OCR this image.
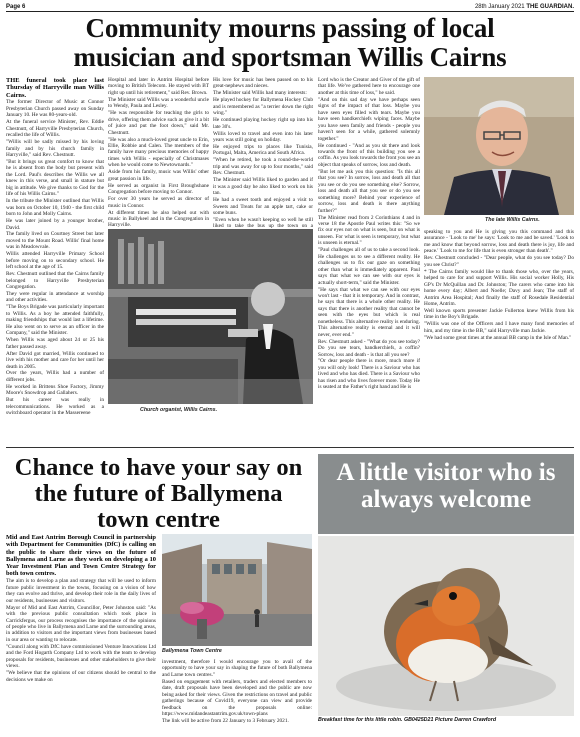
Page 6	28th January 2021 THE GUARDIAN.
Community mourns passing of local
musician and sportsman Willis Cairns

THE funeral took place last Thursday of Harryville man Willis Cairns.

The former Director of Music at Connor Presbyterian Church passed away on Sunday January 10. He was 80-years-old.

At the funeral service Minister, Rev. Eddie Chestnutt, of Harryville Presbyterian Church, recalled the life of Willis.

"Willis will be sadly missed by his loving family and by his church family in Harryville," said Rev. Chestnutt.

"But it brings us great comfort to know that he is absent from the body but present with the Lord. Paul's describes the Willis we all knew in this verse, and small in stature but big in attitude. We give thanks to God for the life of his Willis Cairns."

In the tribute the Minister outlined that Willis was born on October 10, 1940 - the first child born to John and Molly Cairns.

He was later joined by a younger brother, David.

The family lived on Courtney Street but later moved to the Mount Road. Willis' final home was in Meadowvale.

Willis attended Harryville Primary School before moving on to secondary school. He left school at the age of 15.

Rev. Chestnutt outlined that the Cairns family belonged to Harryville Presbyterian Congregation.

They were regular in attendance at worship and other activities.

"The Boys Brigade was particularly important to Willis. As a boy he attended faithfully, making friendships that would last a lifetime. He also went on to serve as an officer in the Company," said the Minister.

When Willis was aged about 24 or 25 his father passed away.

After David got married, Willis continued to live with his mother and care for her until her death in 2005.

Over the years, Willis had a number of different jobs.

He worked in Brittens Shoe Factory, Jimmy Moore's Snowdrop and Gallahers.

But his career was really in telecommunications. He worked as a switchboard operator in the Massereene

Hospital and later in Antrim Hospital before moving to British Telecom. He stayed with BT right up until his retirement," said Rev. Brown.

The Minister said Willis was a wonderful uncle to Wendy, Paula and Lesley.

"He was responsible for teaching the girls to drive, offering them advice such as give it a bit of juice and put the foot down," said Mr. Chestnutt.

"He was also a much-loved great uncle to Erin, Ellie, Robbie and Calen. The members of the family have many precious memories of happy times with Willis - especially of Christmases when he would come to Newtownards."

Aside from his family, music was Willis' other great passion in life.

He served as organist in First Broughshane Congregation before moving to Connor.

For over 30 years he served as director of music in Connor.

At different times he also helped out with music in Ballykeel and in the Congregation in Harryville.

His love for music has been passed on to his great-nephews and nieces.

The Minister said Willis had many interests:

He played hockey for Ballymena Hockey Club and is remembered as "a terrier down the right wing."

He continued playing hockey right up into his late 30's.

Willis loved to travel and even into his later years was still going on holiday.

He enjoyed trips to places like Tunisia, Portugal, Malta, America and South Africa.

"When he retired, he took a round-the-world trip and was away for up to four months," said Rev. Chestnutt.

The Minister said Willis liked to garden and if it was a good day he also liked to work on his tan.

He had a sweet tooth and enjoyed a visit to Sweets and Treats for an apple tart, cake or some buns.

"Even when he wasn't keeping so well he still liked to take the bus up the town on a

Lord who is the Creator and Giver of the gift of that life. We've gathered here to encourage one another at this time of loss," he said.

"And on this sad day we have perhaps seen signs of the impact of that loss. Maybe you have seen eyes filled with tears. Maybe you have seen handkerchiefs wiping faces. Maybe you have seen family and friends - people you haven't seen for a while, gathered solemnly together."

He continued - "And as you sit there and look towards the front of this building you see a coffin. As you look towards the front you see an object that speaks of sorrow, loss and death.

"But let me ask you this question: "Is this all that you see? In sorrow, loss and death all that you see or do you see something else? Sorrow, loss and death all that you see or do you see something more? Behind your experience of sorrow, loss and death is there anything further?"

The Minister read from 2 Corinthians 4 and in verse 18 the Apostle Paul writes this: "So we fix our eyes not on what is seen, but on what is unseen. For what is seen is temporary, but what is unseen is eternal."

"Paul challenges all of us to take a second look. He challenges us to see a different reality. He challenges us to fix our gaze on something other than what is immediately apparent. Paul says that what we can see with our eyes is actually short-term," said the Minister.

"He says that what we can see with our eyes won't last - that it is temporary. And in contrast, he says that there is a whole other reality. He says that there is another reality that cannot be seen with the eyes but which is real nonetheless. This alternative reality is enduring. This alternative reality is eternal and it will never, ever end."

Rev. Chestnutt asked - "What do you see today? Do you see tears, handkerchiefs, a coffin? Sorrow, loss and death - is that all you see?

"Or dear people there is more, much more if you will only look! There is a Saviour who has lived and who has died. There is a Saviour who has risen and who lives forever more. Today He is seated at the Father's right hand and He is

speaking to you and He is giving you this command and this assurance - 'Look to me' he says: 'Look to me and be saved.' 'Look to me and know that beyond sorrow, loss and death there is joy, life and peace.' 'Look to me for life that is even stronger than death'."

Rev. Chestnutt concluded - "Dear people, what do you see today? Do you see Christ?"

* The Cairns family would like to thank those who, over the years, helped to care for and support Willis. His social worker Holly, His GP's Dr McQuillan and Dr. Johnston; The carers who came into his home every day; Albert and Noelle; Davy and Jean; The staff of Antrim Area Hospital; And finally the staff of Rosedale Residential Home, Antrim.

Well known sports presenter Jackie Fullerton knew Willis from his time in the Boy's Brigade.

"Willis was one of the Officers and I have many fond memories of him, and my time in the BB," said Harryville man Jackie.

"We had some great times at the annual BB camp in the Isle of Man."

Church organist, Willis Cairns.
The late Willis Cairns.
Chance to have your say on the future of Ballymena town centre

Mid and East Antrim Borough Council in partnership with Department for Communities (DfC) is calling on the public to share their views on the future of Ballymena and Larne as they work on developing a 10 Year Investment Plan and Town Centre Strategy for both town centres.

The aim is to develop a plan and strategy that will be used to inform future public investment in the towns, focusing on a vision of how they can evolve and thrive, and develop their role in the daily lives of our residents, businesses and visitors.

Mayor of Mid and East Antrim, Councillor, Peter Johnston said: "As with the previous public consultation which took place in Carrickfergus, our process recognises the importance of the opinions of people who live in Ballymena and Larne and the surrounding areas, in addition to visitors and the important views from businesses based in our area or wanting to relocate.

"Council along with DfC have commissioned Venture Innovations Ltd and the Ford Hogarth Company Ltd to work with the team to develop proposals for residents, businesses and other stakeholders to give their views.

"We believe that the opinions of our citizens should be central to the decisions we make on

Ballymena Town Centre

investment, therefore I would encourage you to avail of the opportunity to have your say in shaping the future of both Ballymena and Larne town centres."

Based on engagement with retailers, traders and elected members to date, draft proposals have been developed and the public are now being asked for their views. Given the restrictions on travel and public gatherings because of Covid19, everyone can view and provide feedback on the proposals online: https://www.midandeastantrim.gov.uk/town-plans

The link will be active from 22 January to 3 February 2021.

A little visitor who is always welcome
Breakfast time for this little robin. GB0425D21 Picture Darren Crawford
